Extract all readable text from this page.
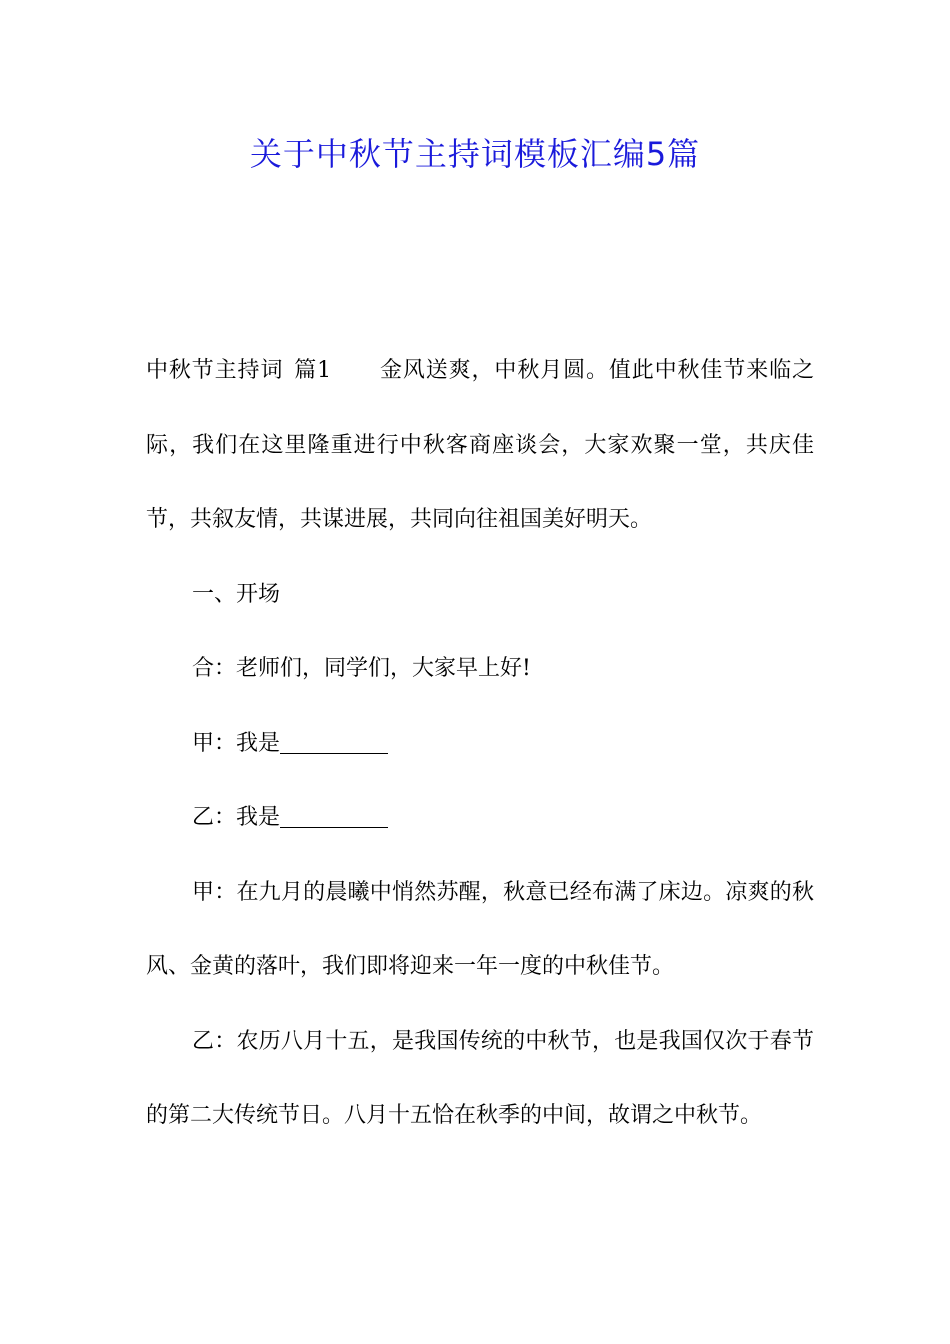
关于中秋节主持词模板汇编5篇

中秋节主持词 篇1 金风送爽，中秋月圆。值此中秋佳节来临之际，我们在这里隆重进行中秋客商座谈会，大家欢聚一堂，共庆佳节，共叙友情，共谋进展，共同向往祖国美好明天。

一、开场

合：老师们，同学们，大家早上好!

甲：我是

乙：我是

甲：在九月的晨曦中悄然苏醒，秋意已经布满了床边。凉爽的秋风、金黄的落叶，我们即将迎来一年一度的中秋佳节。

乙：农历八月十五，是我国传统的中秋节，也是我国仅次于春节的第二大传统节日。八月十五恰在秋季的中间，故谓之中秋节。
